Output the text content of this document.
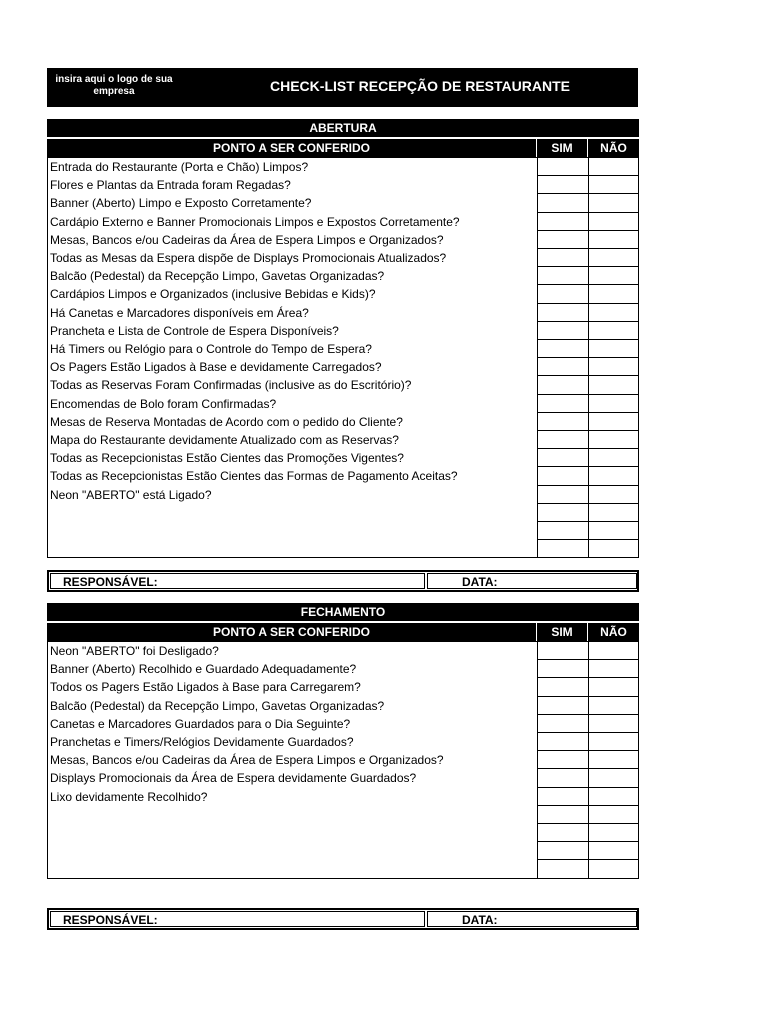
insira aqui o logo de sua empresa	CHECK-LIST RECEPÇÃO DE RESTAURANTE
ABERTURA
PONTO A SER CONFERIDO	SIM	NÃO
Entrada do Restaurante (Porta e Chão) Limpos?
Flores e Plantas da Entrada foram Regadas?
Banner (Aberto) Limpo e Exposto Corretamente?
Cardápio Externo e Banner Promocionais Limpos e Expostos Corretamente?
Mesas, Bancos e/ou Cadeiras da Área de Espera Limpos e Organizados?
Todas as Mesas da Espera dispõe de Displays Promocionais Atualizados?
Balcão (Pedestal) da Recepção Limpo, Gavetas Organizadas?
Cardápios Limpos e Organizados (inclusive Bebidas e Kids)?
Há Canetas e Marcadores disponíveis em Área?
Prancheta e Lista de Controle de Espera Disponíveis?
Há Timers ou Relógio para o Controle do Tempo de Espera?
Os Pagers Estão Ligados à Base e devidamente Carregados?
Todas as Reservas Foram Confirmadas (inclusive as do Escritório)?
Encomendas de Bolo foram Confirmadas?
Mesas de Reserva Montadas de Acordo com o pedido do Cliente?
Mapa do Restaurante devidamente Atualizado com as Reservas?
Todas as Recepcionistas Estão Cientes das Promoções Vigentes?
Todas as Recepcionistas Estão Cientes das Formas de Pagamento Aceitas?
Neon "ABERTO" está Ligado?
RESPONSÁVEL:	DATA:
FECHAMENTO
PONTO A SER CONFERIDO	SIM	NÃO
Neon "ABERTO" foi Desligado?
Banner (Aberto) Recolhido e Guardado Adequadamente?
Todos os Pagers Estão Ligados à Base para Carregarem?
Balcão (Pedestal) da Recepção Limpo, Gavetas Organizadas?
Canetas e Marcadores Guardados para o Dia Seguinte?
Pranchetas e Timers/Relógios Devidamente Guardados?
Mesas, Bancos e/ou Cadeiras da Área de Espera Limpos e Organizados?
Displays Promocionais da Área de Espera devidamente Guardados?
Lixo devidamente Recolhido?
RESPONSÁVEL:	DATA:
